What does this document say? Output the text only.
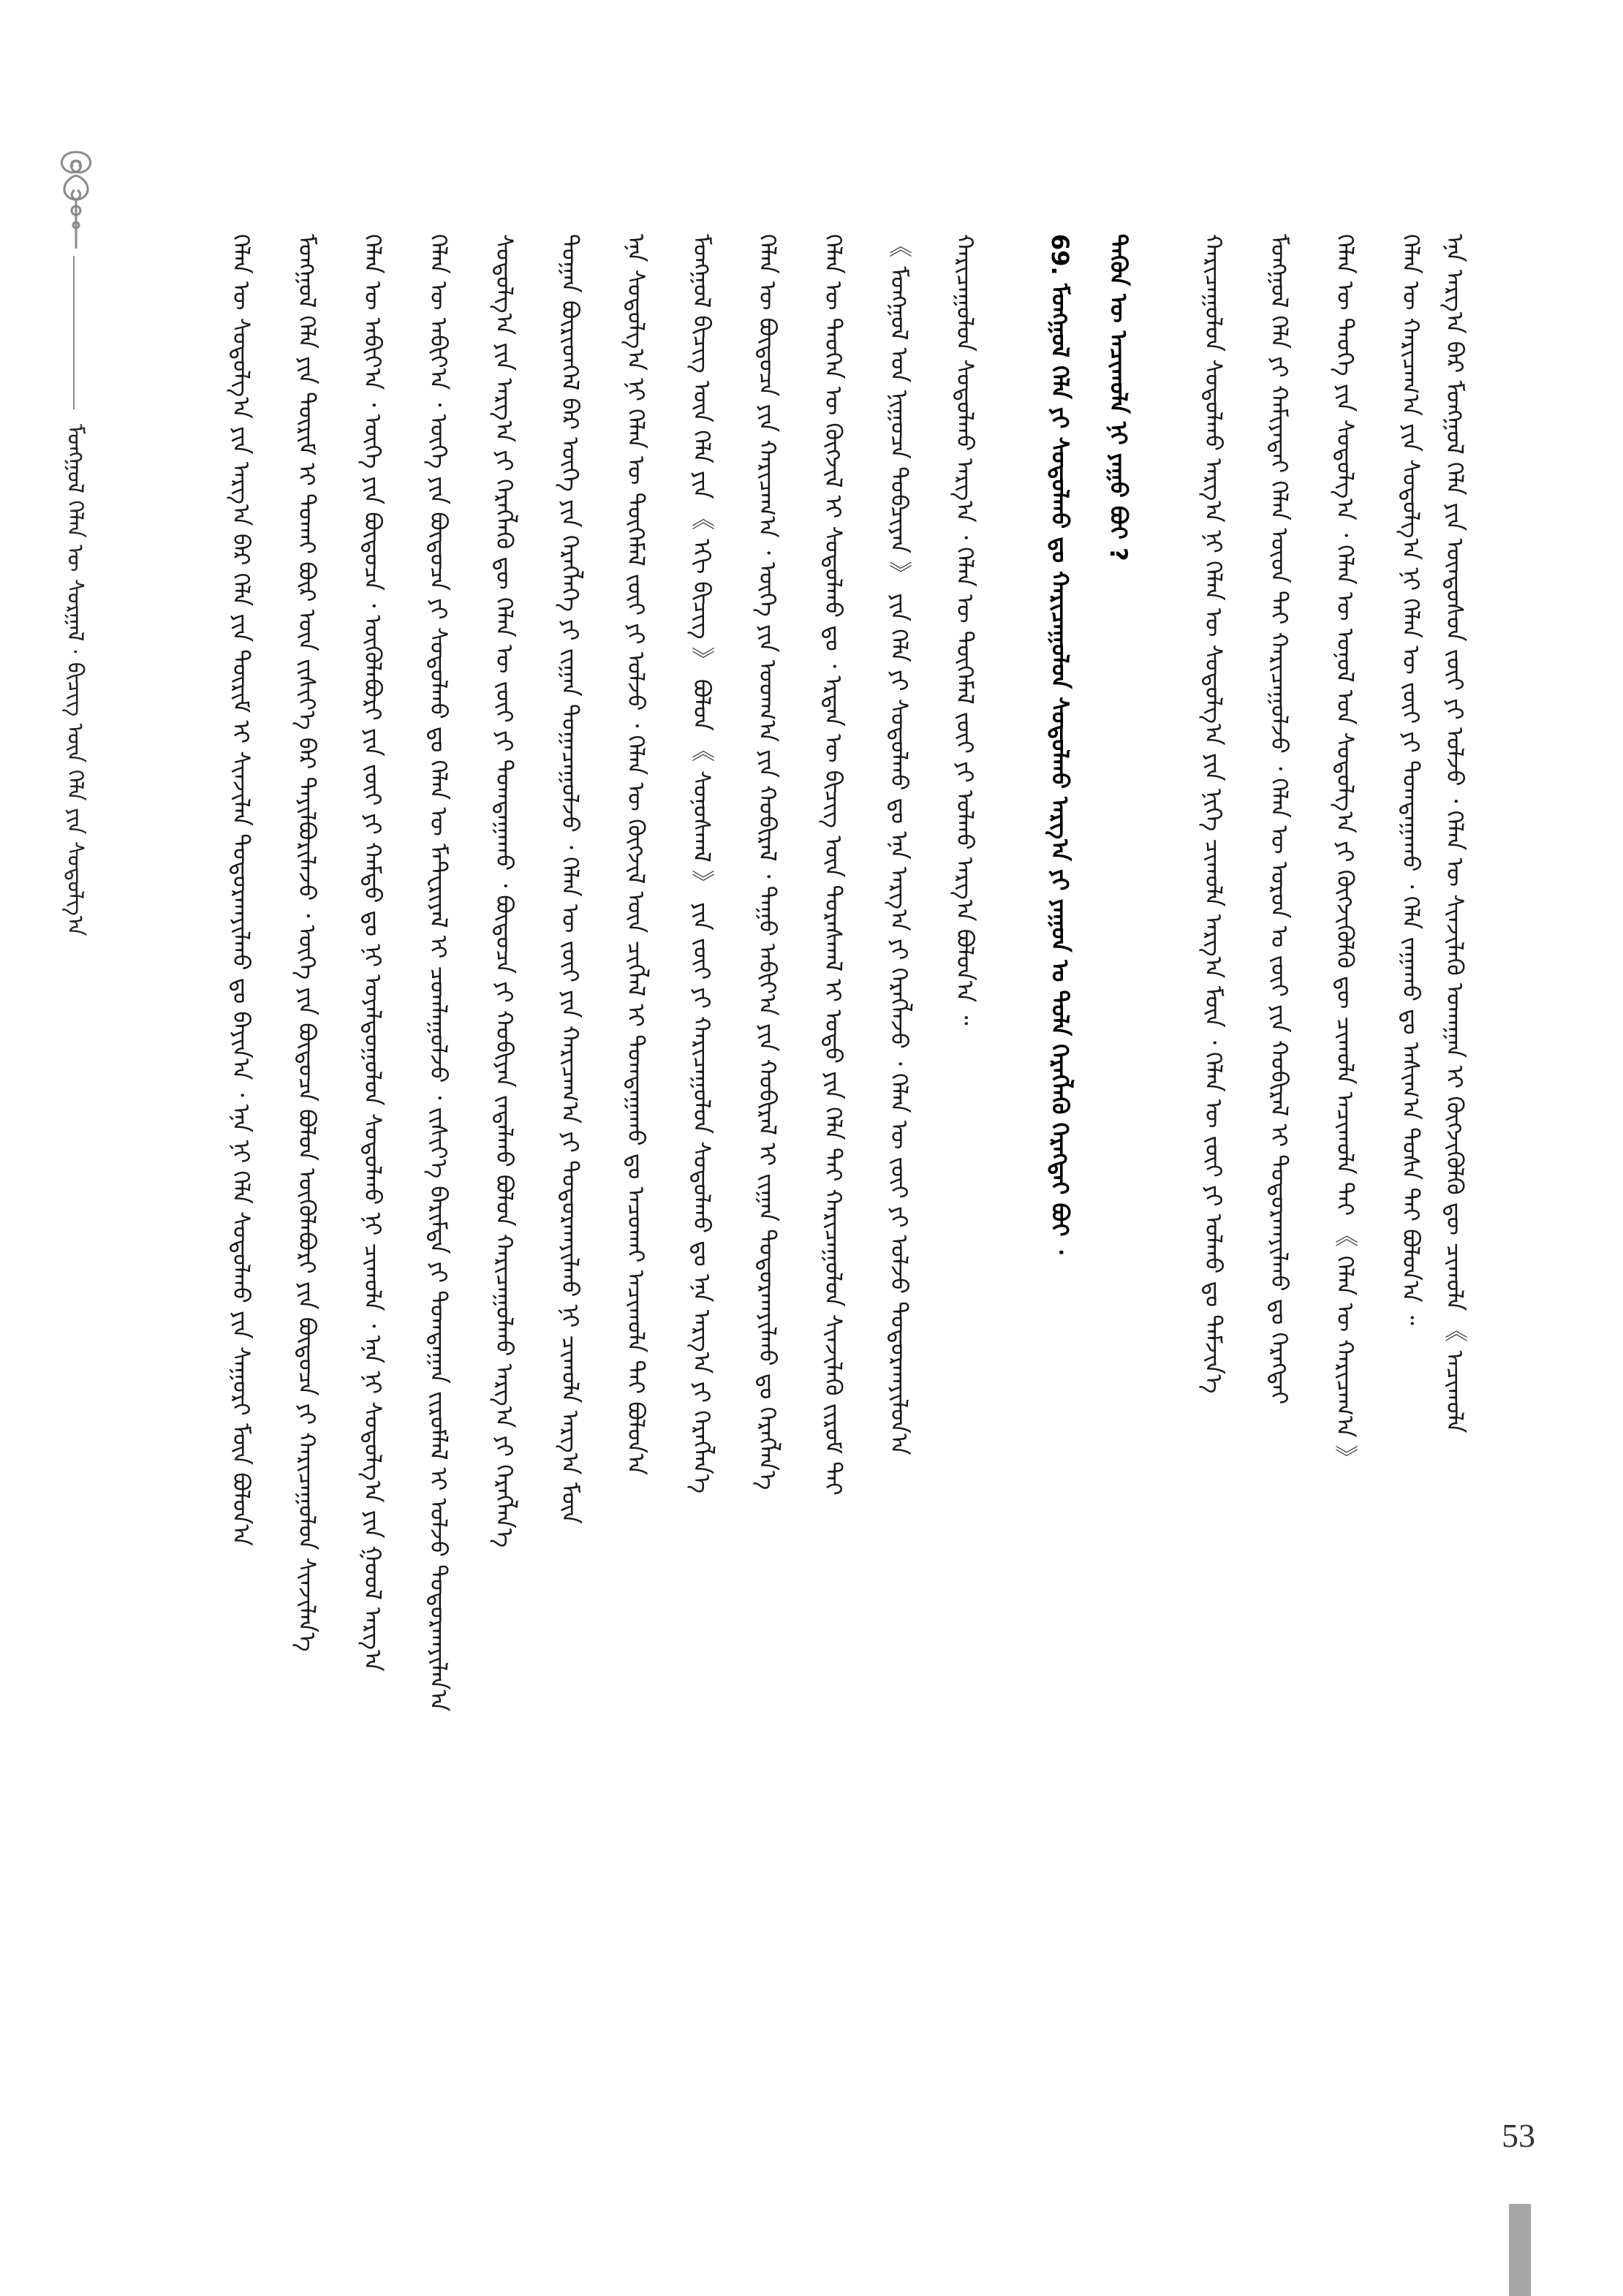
ᠮᠣᠩᠭᠣᠯ ᠬᠡᠯᠡᠨ ᠦ ᠰᠤᠷᠭᠠᠯ · ᠪᠢᠴᠢᠭ ᠦᠨ ᠬᠡᠯᠡ ᠶᠢᠨ ᠰᠤᠳᠤᠯᠭ᠎ᠠ	ᠬᠡᠯᠡᠨ ᠦ ᠰᠤᠳᠤᠯᠭ᠎ᠠ ᠶᠢᠨ ᠠᠷᠭ᠎ᠠ ᠪᠠᠷ ᠬᠡᠯᠡ ᠶᠢᠨ ᠳᠦᠷᠢᠮ ᠢ ᠰᠢᠨᠵᠢᠯᠡᠨ ᠲᠣᠳᠣᠷᠬᠠᠶᠢᠯᠬᠤ ᠳᠤ ᠪᠠᠶᠢᠨ᠎ᠠ ᠂ ᠡᠨᠡ ᠨᠢ ᠬᠡᠯᠡ ᠰᠤᠳᠤᠯᠬᠤ ᠶᠢᠨ ᠰᠠᠭᠤᠷᠢ ᠮᠥᠨ ᠪᠣᠯᠤᠨ᠎ᠠ	ᠮᠣᠩᠭᠣᠯ ᠬᠡᠯᠡ ᠶᠢᠨ ᠳᠦᠷᠢᠮ ᠢ ᠲᠤᠬᠠᠢ ᠪᠦᠷ ᠦᠨ ᠵᠢᠱᠢᠶ᠎ᠡ ᠪᠡᠷ ᠲᠠᠶᠢᠯᠪᠤᠷᠢᠯᠠᠵᠤ ᠂ ᠦᠭᠡ ᠶᠢᠨ ᠪᠦᠲᠦᠴᠡ ᠪᠣᠯᠤᠨ ᠦᠭᠦᠯᠡᠪᠦᠷᠢ ᠶᠢᠨ ᠪᠦᠲᠦᠴᠡ ᠶᠢ ᠬᠠᠷᠢᠴᠠᠭᠤᠯᠤᠨ ᠰᠢᠨᠵᠢᠯᠡᠨ᠎ᠡ	ᠬᠡᠯᠡᠨ ᠦ ᠠᠪᠢᠶ᠎ᠠ ᠂ ᠦᠭᠡ ᠶᠢᠨ ᠪᠦᠲᠦᠴᠡ ᠂ ᠦᠭᠦᠯᠡᠪᠦᠷᠢ ᠶᠢᠨ ᠵᠦᠢ ᠶᠢ ᠬᠠᠮᠲᠤ ᠳᠤ ᠨᠢ ᠤᠶᠠᠯᠳᠤᠭᠤᠯᠤᠨ ᠰᠤᠳᠤᠯᠬᠤ ᠨᠢ ᠴᠢᠬᠤᠯᠠ ᠂ ᠡᠨᠡ ᠨᠢ ᠰᠤᠳᠤᠯᠭ᠎ᠠ ᠶᠢᠨ ᠭᠣᠣᠯ ᠠᠷᠭ᠎ᠠ	ᠬᠡᠯᠡᠨ ᠦ ᠠᠪᠢᠶ᠎ᠠ ᠂ ᠦᠭᠡ ᠶᠢᠨ ᠪᠦᠲᠦᠴᠡ ᠶᠢ ᠰᠤᠳᠤᠯᠬᠤ ᠳᠤ ᠬᠡᠯᠡᠨ ᠦ ᠮᠠᠲ᠋ᠧᠷᠢᠶᠠᠯ ᠢ ᠴᠤᠭᠯᠠᠭᠤᠯᠵᠤ ᠂ ᠵᠢᠱᠢᠶ᠎ᠡ ᠪᠠᠷᠢᠮᠲᠠ ᠶᠢ ᠲᠣᠭᠲᠠᠭᠠᠨ ᠵᠢᠷᠤᠮᠯᠠᠯ ᠢ ᠣᠯᠵᠤ ᠲᠣᠳᠣᠷᠬᠠᠶᠢᠯᠠᠨ᠎ᠠ	ᠰᠤᠳᠤᠯᠭ᠎ᠠ ᠶᠢᠨ ᠠᠷᠭ᠎ᠠ ᠶᠢ ᠬᠡᠷᠡᠭᠯᠡᠬᠦ ᠳᠦ ᠬᠡᠯᠡᠨ ᠦ ᠵᠦᠢ ᠶᠢ ᠲᠣᠭᠲᠠᠭᠠᠬᠤ ᠂ ᠪᠦᠲᠦᠴᠡ ᠶᠢ ᠬᠤᠪᠢᠶᠠᠨ ᠵᠠᠳᠠᠯᠬᠤ ᠪᠣᠯᠤᠨ ᠬᠠᠷᠢᠴᠠᠭᠤᠯᠬᠤ ᠠᠷᠭ᠎ᠠ ᠶᠢ ᠬᠡᠷᠡᠭᠯᠡᠨ᠎ᠡ	ᠲᠣᠭᠠᠨ ᠪᠦᠷᠢᠳᠭᠡᠯ ᠪᠡᠷ ᠦᠭᠡ ᠶᠢᠨ ᠬᠡᠷᠡᠭᠯᠡᠭᠡ ᠶᠢ ᠵᠢᠭᠠᠨ ᠲᠣᠭᠠᠴᠠᠭᠤᠯᠵᠤ ᠂ ᠬᠡᠯᠡᠨ ᠦ ᠵᠦᠢ ᠶᠢᠨ ᠬᠠᠷᠢᠴᠠᠭ᠎ᠠ ᠶᠢ ᠲᠣᠳᠣᠷᠬᠠᠶᠢᠯᠬᠤ ᠨᠢ ᠴᠢᠬᠤᠯᠠ ᠠᠷᠭ᠎ᠠ ᠮᠥᠨ	ᠡᠨᠡ ᠰᠤᠳᠤᠯᠭ᠎ᠠ ᠨᠢ ᠬᠡᠯᠡᠨ ᠦ ᠲᠦᠭᠡᠮᠡᠯ ᠵᠦᠢ ᠶᠢ ᠣᠯᠵᠤ ᠂ ᠬᠡᠯᠡᠨ ᠦ ᠬᠥᠭᠵᠢᠯ ᠦᠨ ᠴᠢᠭᠯᠡᠯ ᠢ ᠲᠣᠭᠲᠠᠭᠠᠬᠤ ᠳᠤ ᠠᠴᠤᠬᠠᠢ ᠠᠴᠢᠬᠤᠯᠠ ᠲᠠᠢ ᠪᠣᠯᠤᠨ᠎ᠠ	ᠮᠣᠩᠭᠣᠯ ᠪᠢᠴᠢᠭ ᠦᠨ ᠬᠡᠯᠡ ᠶᠢᠨ 《 ᠡᠬᠢ ᠪᠢᠴᠢᠭ 》 ᠪᠣᠯᠤᠨ 《 ᠰᠣᠨᠣᠰᠬᠠᠯ 》 ᠶᠢᠨ ᠵᠦᠢ ᠶᠢ ᠬᠠᠷᠢᠴᠠᠭᠤᠯᠤᠨ ᠰᠤᠳᠤᠯᠬᠤ ᠳᠤ ᠡᠨᠡ ᠠᠷᠭ᠎ᠠ ᠶᠢ ᠬᠡᠷᠡᠭᠯᠡᠨ᠎ᠡ	ᠬᠡᠯᠡᠨ ᠦ ᠪᠦᠲᠦᠴᠡ ᠶᠢᠨ ᠬᠠᠷᠢᠴᠠᠭ᠎ᠠ ᠂ ᠦᠭᠡ ᠶᠢᠨ ᠤᠳᠬ᠎ᠠ ᠶᠢᠨ ᠬᠤᠪᠢᠷᠠᠯ ᠂ ᠳᠠᠭᠤ ᠠᠪᠢᠶ᠎ᠠ ᠶᠢᠨ ᠬᠤᠪᠢᠷᠠᠯ ᠢ ᠵᠢᠭᠠᠨ ᠲᠣᠳᠣᠷᠬᠠᠶᠢᠯᠬᠤ ᠳᠤ ᠬᠡᠷᠡᠭᠯᠡᠨ᠎ᠡ	ᠬᠡᠯᠡᠨ ᠦ ᠲᠡᠦᠬᠡᠨ ᠦ ᠬᠥᠭᠵᠢᠯ ᠢ ᠰᠤᠳᠤᠯᠬᠤ ᠳᠤ ᠂ ᠡᠷᠲᠡᠨ ᠦ ᠪᠢᠴᠢᠭ ᠦᠨ ᠳᠤᠷᠠᠰᠬᠠᠯ ᠢ ᠣᠳᠣ ᠶᠢᠨ ᠬᠡᠯᠡ ᠲᠡᠢ ᠬᠠᠷᠢᠴᠠᠭᠤᠯᠤᠨ ᠰᠢᠨᠵᠢᠯᠡᠬᠦ ᠵᠢᠷᠤᠮ ᠲᠠᠢ	《 ᠮᠣᠩᠭᠣᠯ ᠤᠨ ᠨᠢᠭᠤᠴᠠ ᠲᠣᠪᠴᠢᠶᠠᠨ 》 ᠶᠢᠨ ᠬᠡᠯᠡ ᠶᠢ ᠰᠤᠳᠤᠯᠬᠤ ᠳᠤ ᠡᠨᠡ ᠠᠷᠭ᠎ᠠ ᠶᠢ ᠬᠡᠷᠡᠭᠯᠡᠵᠦ ᠂ ᠬᠡᠯᠡᠨ ᠦ ᠵᠦᠢ ᠶᠢ ᠣᠯᠵᠤ ᠲᠣᠳᠣᠷᠬᠠᠶᠢᠯᠤᠨ᠎ᠠ	ᠬᠠᠷᠢᠴᠠᠭᠤᠯᠤᠨ ᠰᠤᠳᠤᠯᠬᠤ ᠠᠷᠭ᠎ᠠ ᠂ ᠬᠡᠯᠡᠨ ᠦ ᠲᠦᠭᠡᠮᠡᠯ ᠵᠦᠢ ᠶᠢ ᠣᠯᠬᠤ ᠠᠷᠭ᠎ᠠ ᠪᠣᠯᠤᠨ᠎ᠠ ᠃	69. ᠮᠣᠩᠭᠣᠯ ᠬᠡᠯᠡ ᠶᠢ ᠰᠤᠳᠤᠯᠬᠤ ᠳᠤ ᠬᠠᠷᠢᠴᠠᠭᠤᠯᠤᠨ ᠰᠤᠳᠤᠯᠬᠤ ᠠᠷᠭ᠎ᠠ ᠶᠢ ᠶᠠᠭᠤᠨ ᠤ ᠲᠤᠯᠠ ᠬᠡᠷᠡᠭᠯᠡᠬᠦ ᠬᠡᠷᠡᠭᠲᠡᠢ ᠪᠤᠢ ᠂	ᠲᠡᠭᠦᠨ ᠦ ᠠᠴᠢᠬᠤᠯᠠ ᠨᠢ ᠶᠠᠭᠤ ᠪᠤᠢ ?	ᠬᠠᠷᠢᠴᠠᠭᠤᠯᠤᠨ ᠰᠤᠳᠤᠯᠬᠤ ᠠᠷᠭ᠎ᠠ ᠨᠢ ᠬᠡᠯᠡᠨ ᠦ ᠰᠤᠳᠤᠯᠭ᠎ᠠ ᠶᠢᠨ ᠨᠢᠭᠡ ᠴᠢᠬᠤᠯᠠ ᠠᠷᠭ᠎ᠠ ᠮᠥᠨ ᠂ ᠬᠡᠯᠡᠨ ᠦ ᠵᠦᠢ ᠶᠢ ᠣᠯᠬᠤ ᠳᠤ ᠳᠡᠮᠵᠢᠨ᠎ᠡ	ᠮᠣᠩᠭᠣᠯ ᠬᠡᠯᠡ ᠶᠢ ᠬᠠᠮᠢᠶᠠᠲᠠᠢ ᠬᠡᠯᠡᠨ ᠦᠳ ᠲᠡᠢ ᠬᠠᠷᠢᠴᠠᠭᠤᠯᠵᠤ ᠂ ᠬᠡᠯᠡᠨ ᠦ ᠣᠷᠤᠨ ᠤ ᠵᠦᠢ ᠶᠢᠨ ᠬᠤᠪᠢᠷᠠᠯ ᠢ ᠲᠣᠳᠣᠷᠬᠠᠶᠢᠯᠬᠤ ᠳᠤ ᠬᠡᠷᠡᠭᠲᠡᠢ	ᠬᠡᠯᠡᠨ ᠦ ᠲᠡᠦᠬᠡ ᠶᠢᠨ ᠰᠤᠳᠤᠯᠭ᠎ᠠ ᠂ ᠬᠡᠯᠡᠨ ᠦ ᠣᠨᠣᠯ ᠤᠨ ᠰᠤᠳᠤᠯᠭ᠎ᠠ ᠶᠢ ᠬᠥᠭᠵᠢᠭᠦᠯᠬᠦ ᠳᠦ ᠴᠢᠬᠤᠯᠠ ᠠᠴᠢᠬᠤᠯᠠ ᠲᠠᠢ 《 ᠬᠡᠯᠡᠨ ᠦ ᠬᠠᠷᠢᠴᠠᠭ᠎ᠠ 》	ᠬᠡᠯᠡᠨ ᠦ ᠬᠠᠷᠢᠴᠠᠭ᠎ᠠ ᠶᠢᠨ ᠰᠤᠳᠤᠯᠭ᠎ᠠ ᠨᠢ ᠬᠡᠯᠡᠨ ᠦ ᠵᠦᠢ ᠶᠢ ᠲᠣᠭᠲᠠᠭᠠᠬᠤ ᠂ ᠬᠡᠯᠡ ᠵᠠᠭᠠᠬᠤ ᠳᠤ ᠠᠰᠢᠭ᠎ᠠ ᠲᠤᠰᠠ ᠲᠠᠢ ᠪᠣᠯᠤᠨ᠎ᠠ ᠃ ᠡᠨᠡ ᠠᠷᠭ᠎ᠠ ᠪᠠᠷ ᠮᠣᠩᠭᠣᠯ ᠬᠡᠯᠡ ᠶᠢᠨ ᠦᠨᠳᠦᠰᠦᠨ ᠵᠦᠢ ᠶᠢ ᠣᠯᠵᠤ ᠂ ᠬᠡᠯᠡᠨ ᠦ ᠰᠢᠨᠵᠢᠯᠡᠬᠦ ᠤᠬᠠᠭᠠᠨ ᠢ ᠬᠥᠭᠵᠢᠭᠦᠯᠬᠦ ᠳᠦ ᠴᠢᠬᠤᠯᠠ 《 ᠠᠴᠢᠬᠤᠯᠠ
53
